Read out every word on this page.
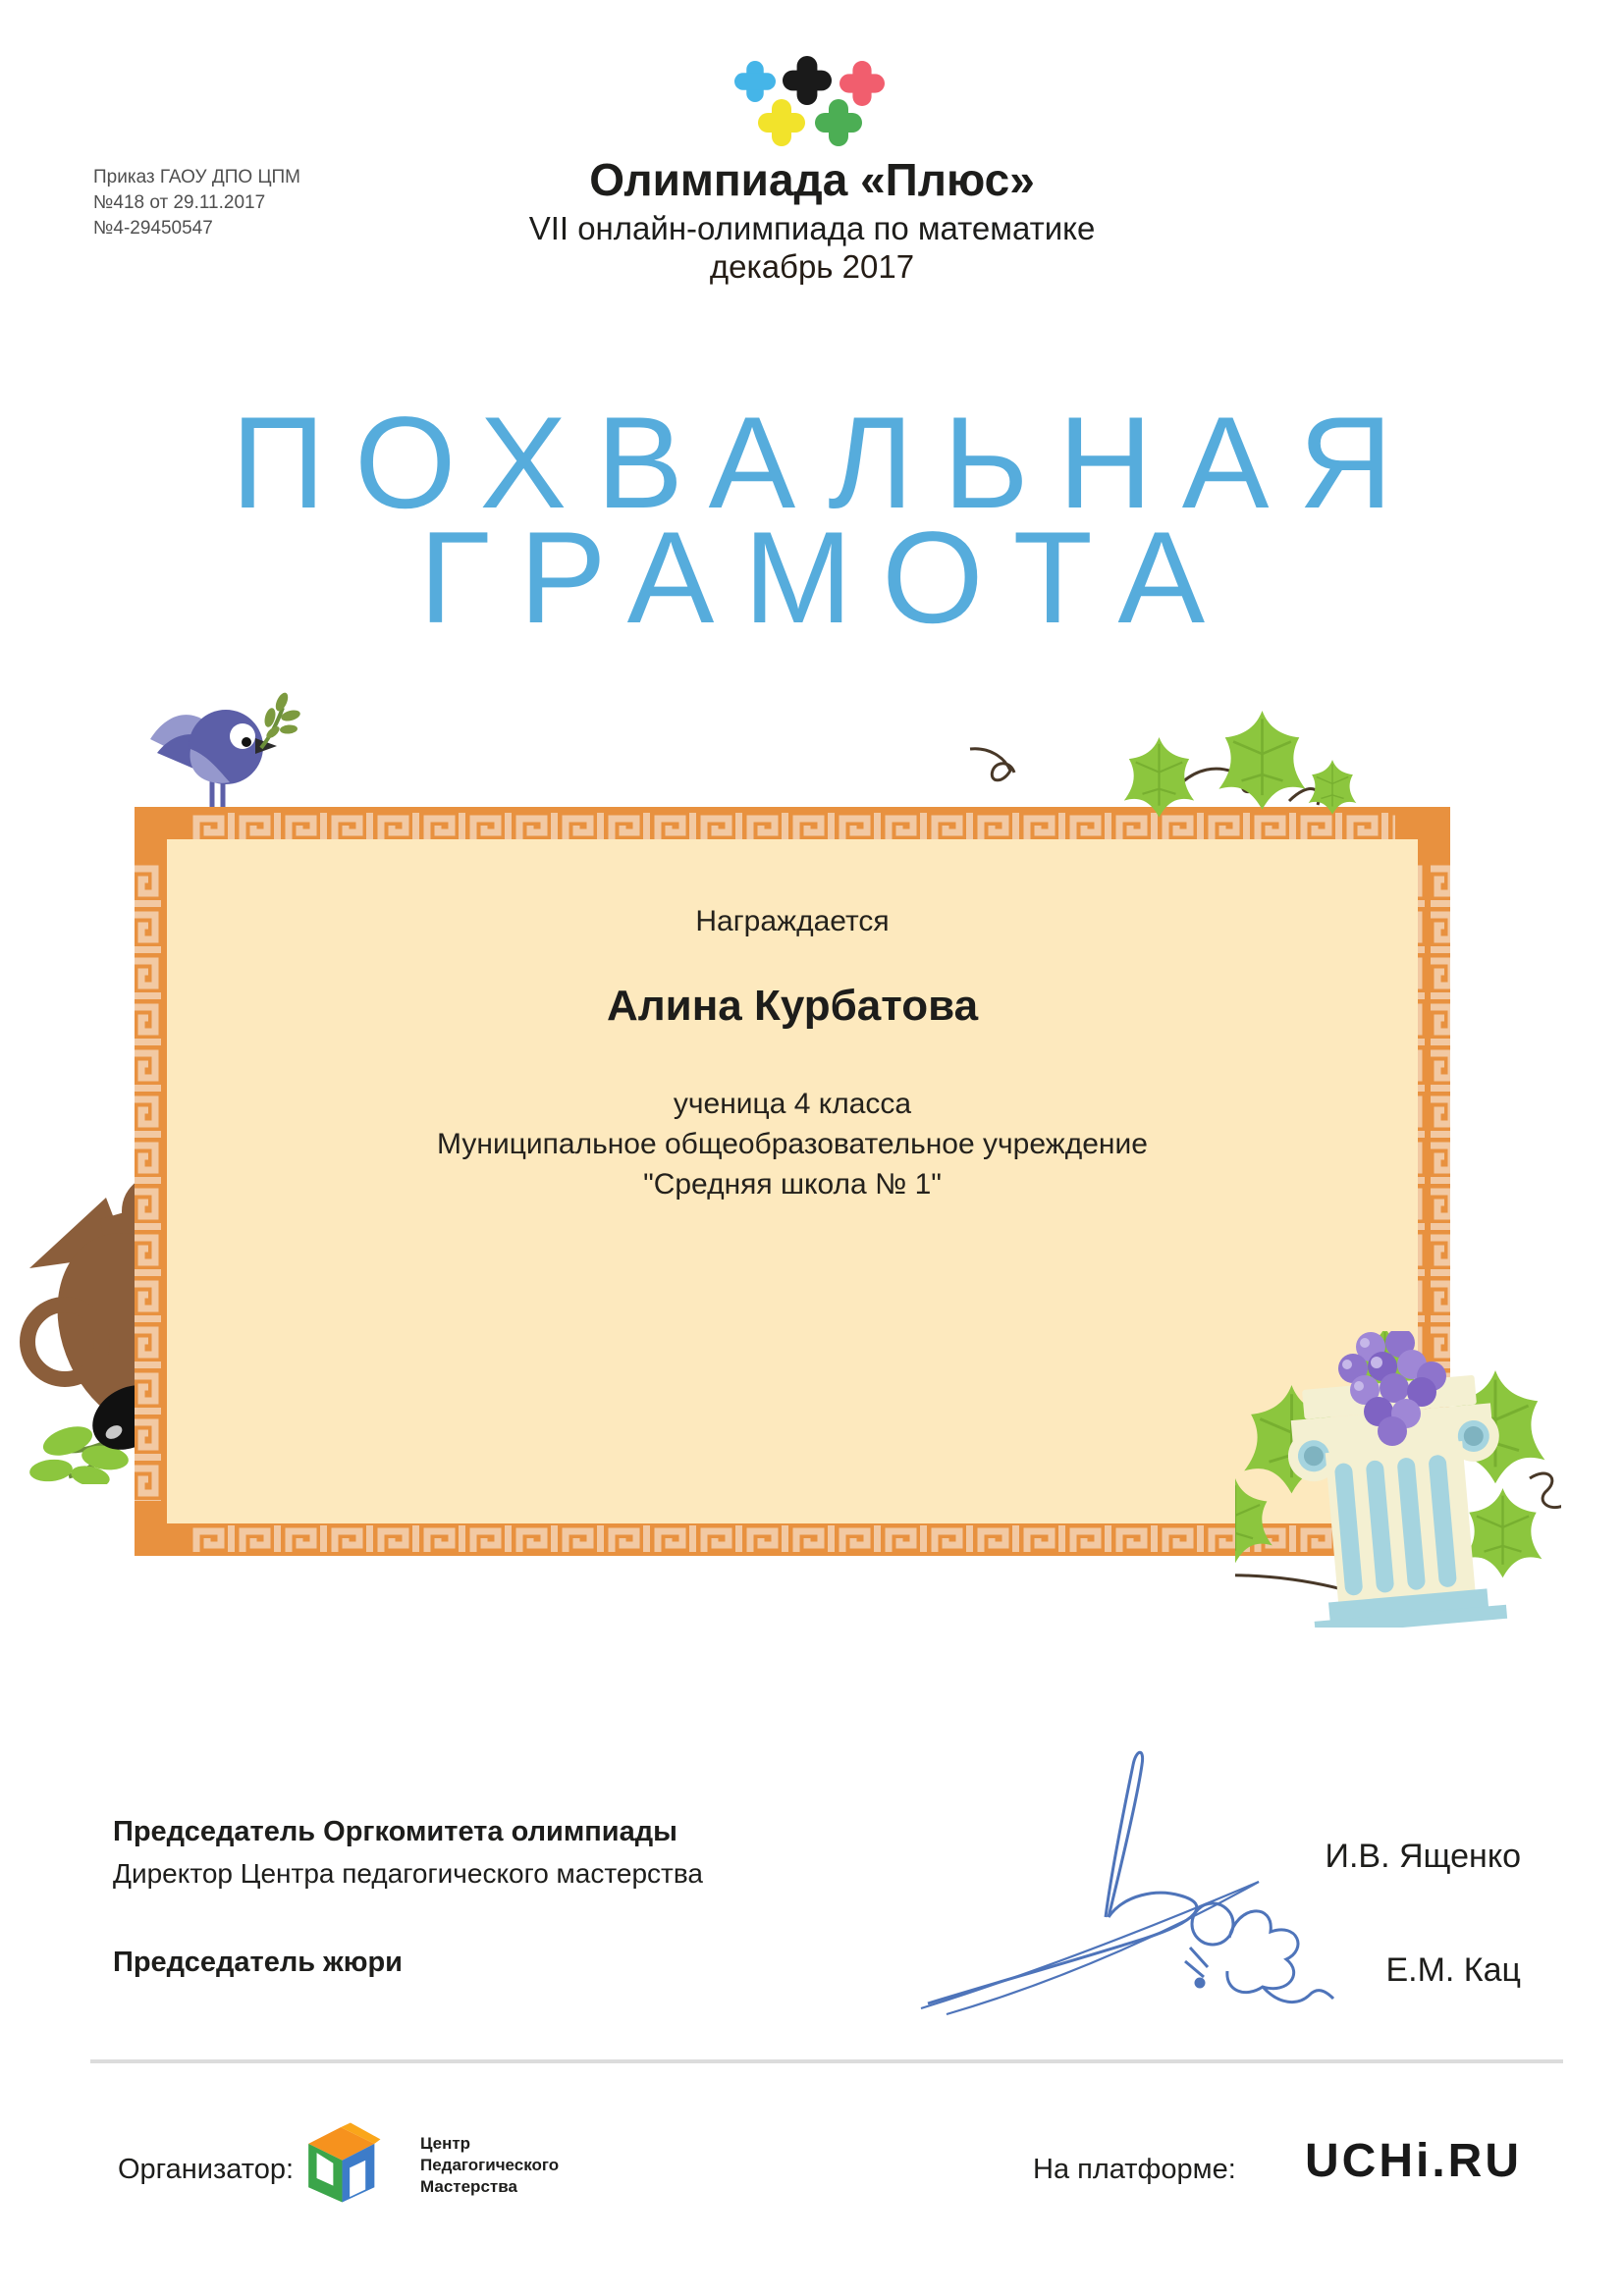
Приказ ГАОУ ДПО ЦПМ
№418 от 29.11.2017
№4-29450547
Олимпиада «Плюс»
VII онлайн-олимпиада по математике
декабрь 2017
ПОХВАЛЬНАЯ
ГРАМОТА
Награждается
Алина Курбатова
ученица 4 класса
Муниципальное общеобразовательное учреждение
"Средняя школа № 1"
Председатель Оргкомитета олимпиады
Директор Центра педагогического мастерства
Председатель жюри
И.В. Ященко
Е.М. Кац
Организатор:
Центр
Педагогического
Мастерства
На платформе: UCHi.RU
